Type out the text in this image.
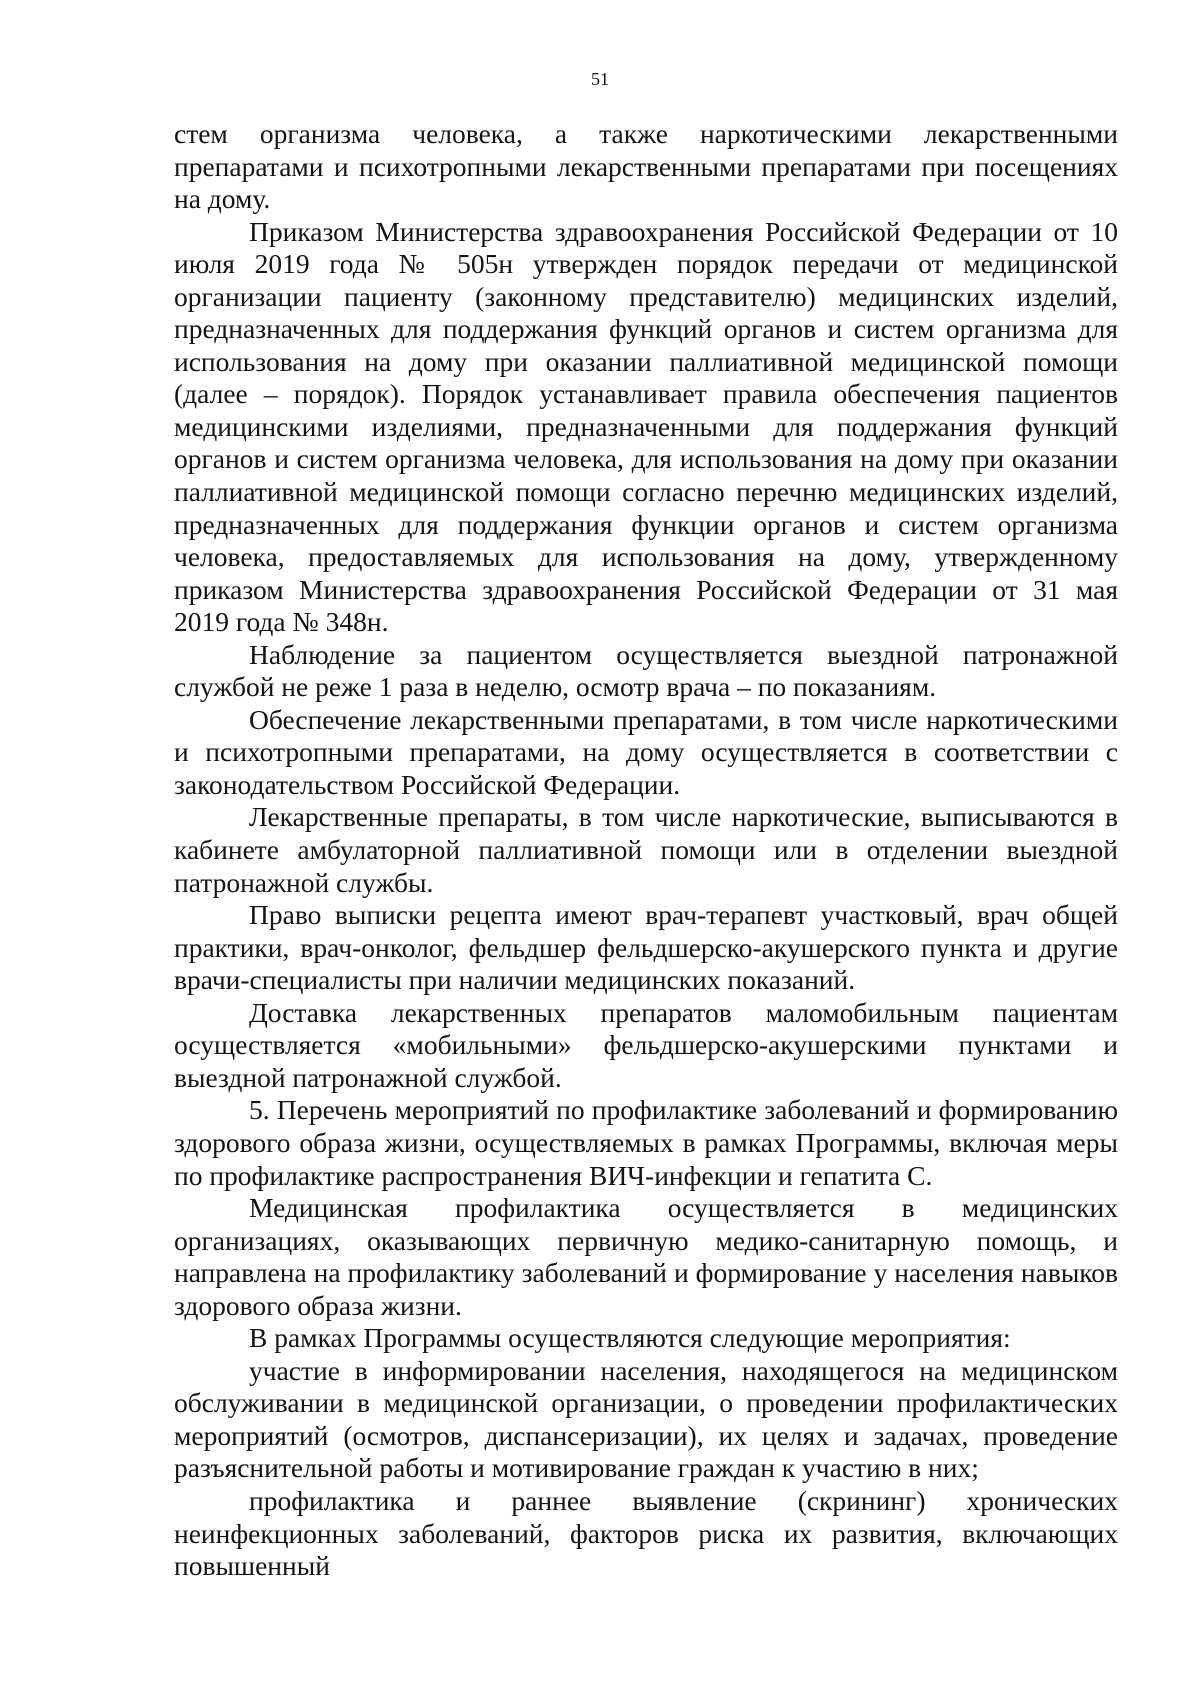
51

стем организма человека, а также наркотическими лекарственными препаратами и психотропными лекарственными препаратами при посещениях на дому.

Приказом Министерства здравоохранения Российской Федерации от 10 июля 2019 года № 505н утвержден порядок передачи от медицинской организации пациенту (законному представителю) медицинских изделий, предназначенных для поддержания функций органов и систем организма для использования на дому при оказании паллиативной медицинской помощи (далее – порядок). Порядок устанавливает правила обеспечения пациентов медицинскими изделиями, предназначенными для поддержания функций органов и систем организма человека, для использования на дому при оказании паллиативной медицинской помощи согласно перечню медицинских изделий, предназначенных для поддержания функции органов и систем организма человека, предоставляемых для использования на дому, утвержденному приказом Министерства здравоохранения Российской Федерации от 31 мая 2019 года № 348н.

Наблюдение за пациентом осуществляется выездной патронажной службой не реже 1 раза в неделю, осмотр врача – по показаниям.

Обеспечение лекарственными препаратами, в том числе наркотическими и психотропными препаратами, на дому осуществляется в соответствии с законодательством Российской Федерации.

Лекарственные препараты, в том числе наркотические, выписываются в кабинете амбулаторной паллиативной помощи или в отделении выездной патронажной службы.

Право выписки рецепта имеют врач-терапевт участковый, врач общей практики, врач-онколог, фельдшер фельдшерско-акушерского пункта и другие врачи-специалисты при наличии медицинских показаний.

Доставка лекарственных препаратов маломобильным пациентам осуществляется «мобильными» фельдшерско-акушерскими пунктами и выездной патронажной службой.

5. Перечень мероприятий по профилактике заболеваний и формированию здорового образа жизни, осуществляемых в рамках Программы, включая меры по профилактике распространения ВИЧ-инфекции и гепатита С.

Медицинская профилактика осуществляется в медицинских организациях, оказывающих первичную медико-санитарную помощь, и направлена на профилактику заболеваний и формирование у населения навыков здорового образа жизни.

В рамках Программы осуществляются следующие мероприятия:

участие в информировании населения, находящегося на медицинском обслуживании в медицинской организации, о проведении профилактических мероприятий (осмотров, диспансеризации), их целях и задачах, проведение разъяснительной работы и мотивирование граждан к участию в них;

профилактика и раннее выявление (скрининг) хронических неинфекционных заболеваний, факторов риска их развития, включающих повышенный
